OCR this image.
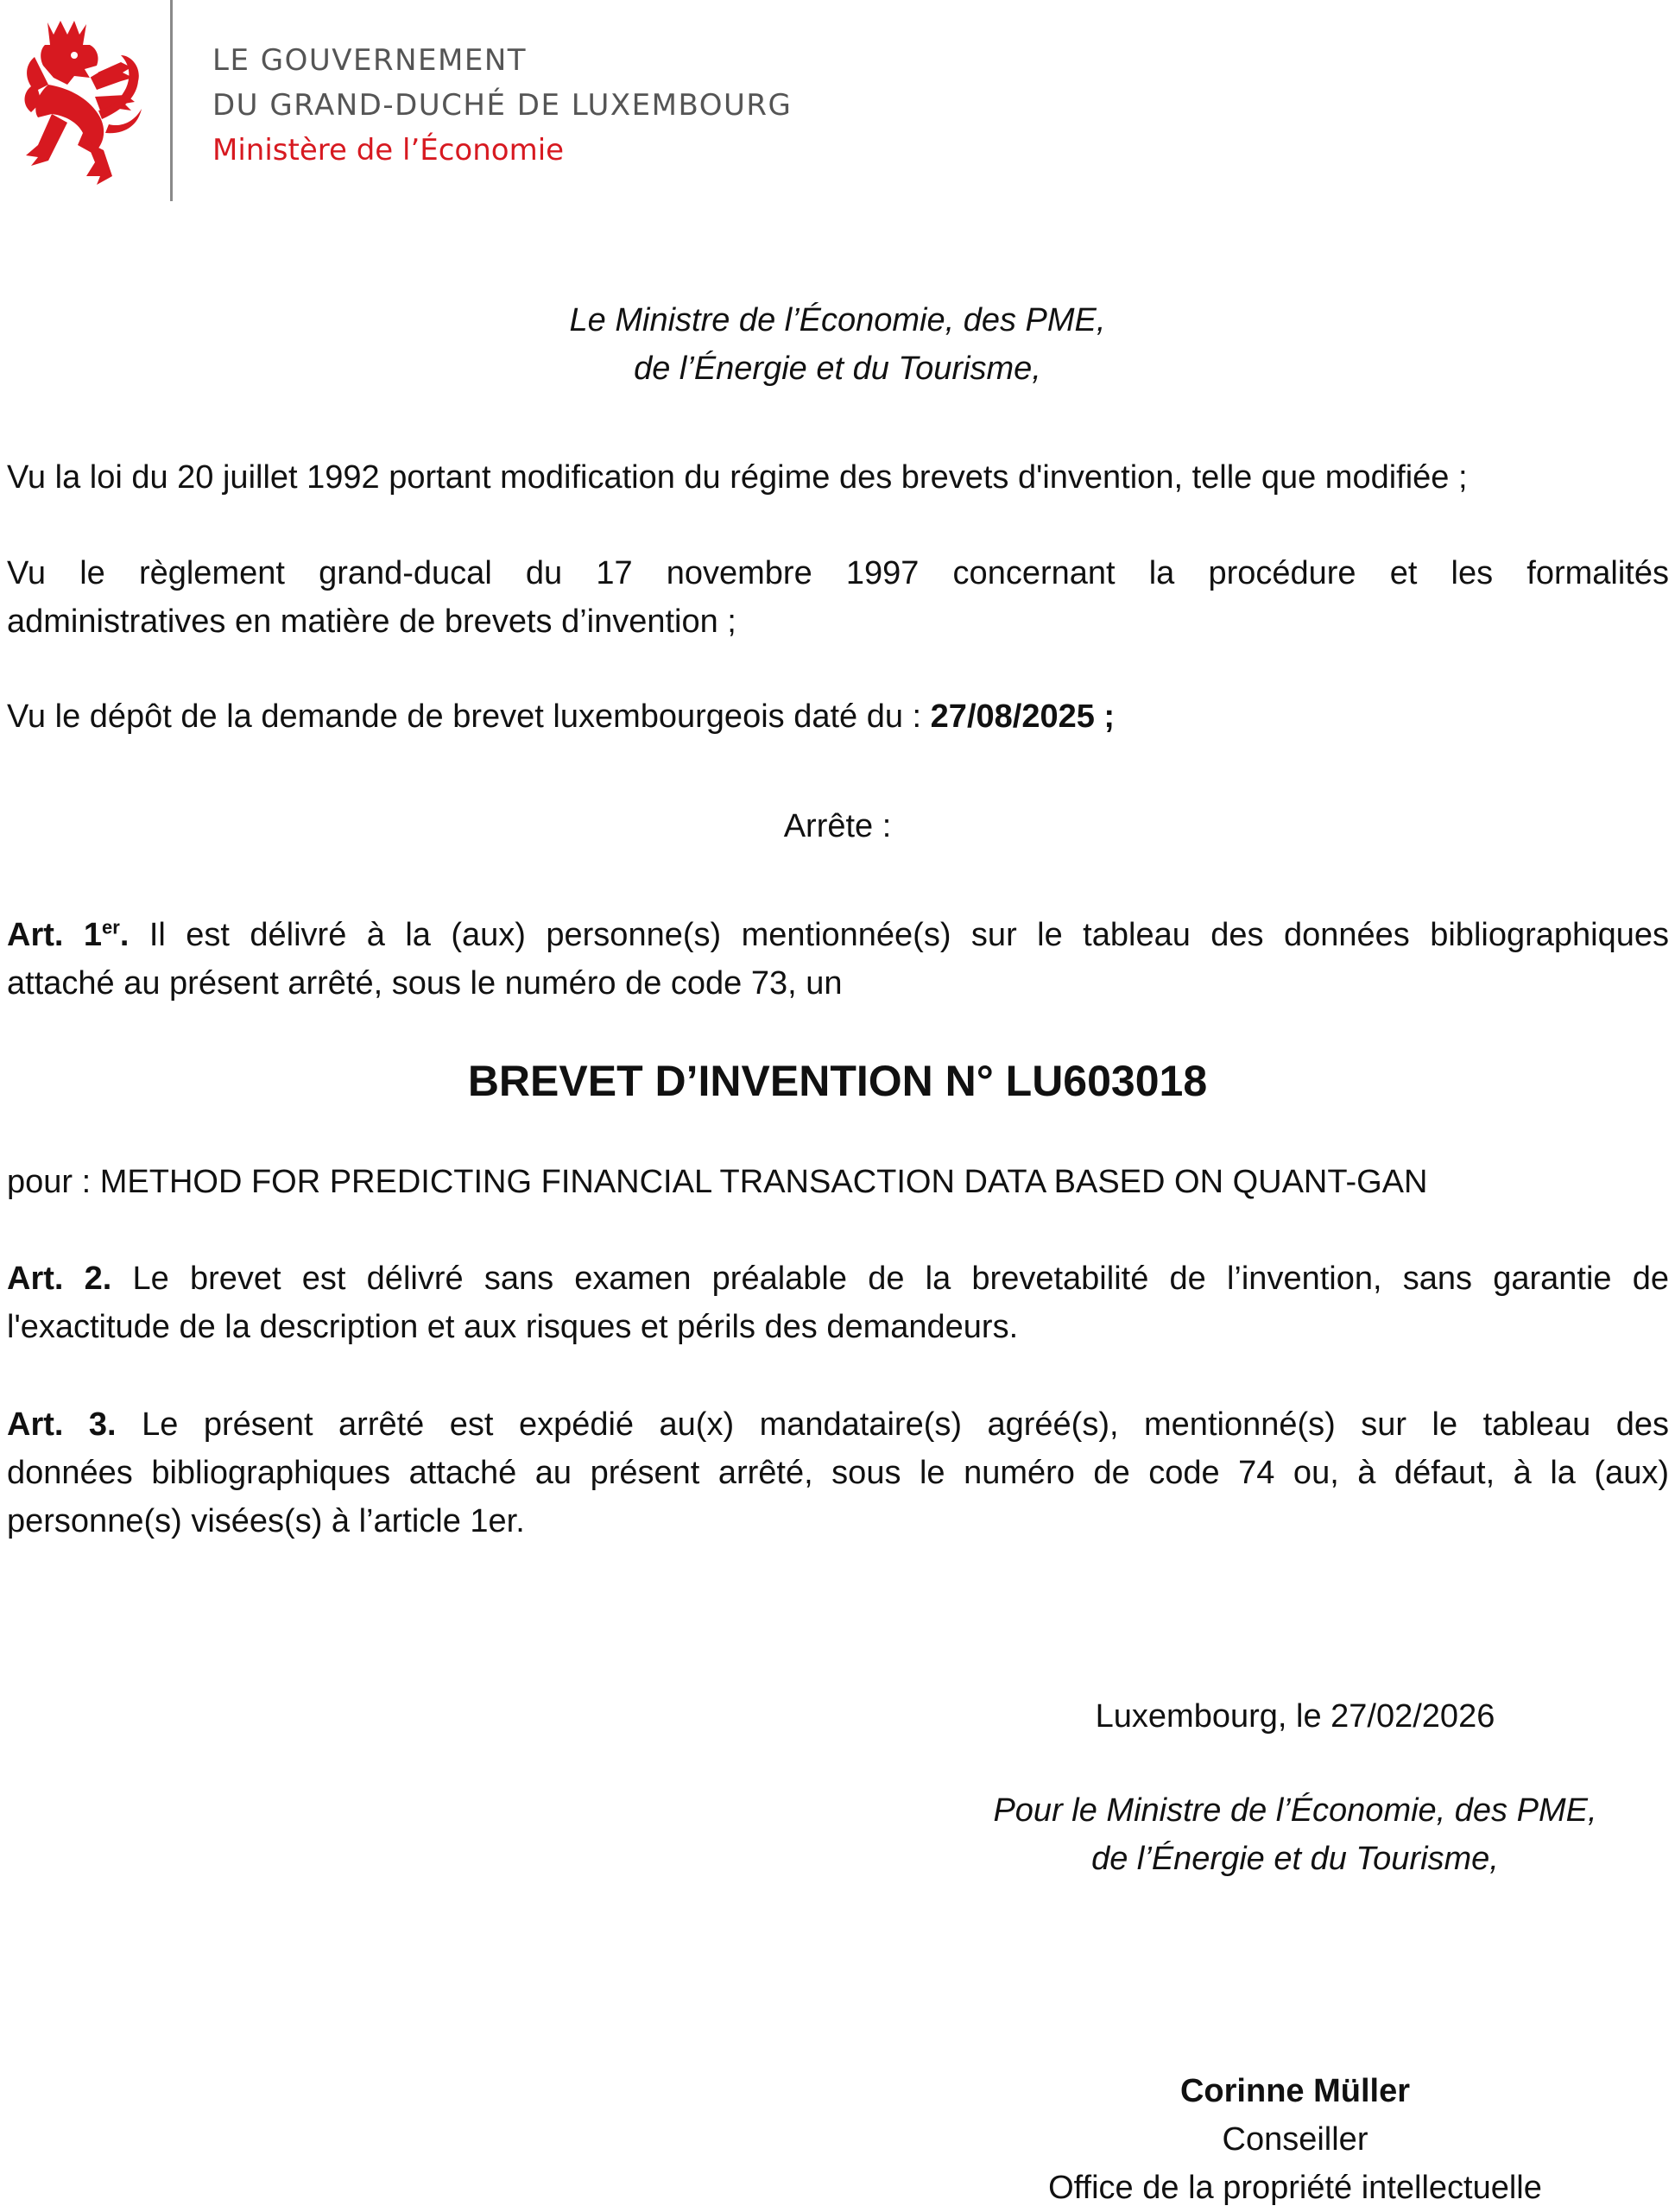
LE GOUVERNEMENT
DU GRAND-DUCHÉ DE LUXEMBOURG
Ministère de l’Économie
Le Ministre de l’Économie, des PME,
de l’Énergie et du Tourisme,
Vu la loi du 20 juillet 1992 portant modification du régime des brevets d'invention, telle que modifiée ;
Vu le règlement grand-ducal du 17 novembre 1997 concernant la procédure et les formalités
administratives en matière de brevets d’invention ;
Vu le dépôt de la demande de brevet luxembourgeois daté du : 27/08/2025 ;
Arrête :
Art. 1er. Il est délivré à la (aux) personne(s) mentionnée(s) sur le tableau des données bibliographiques
attaché au présent arrêté, sous le numéro de code 73, un
BREVET D’INVENTION N° LU603018
pour : METHOD FOR PREDICTING FINANCIAL TRANSACTION DATA BASED ON QUANT-GAN
Art. 2. Le brevet est délivré sans examen préalable de la brevetabilité de l’invention, sans garantie de
l'exactitude de la description et aux risques et périls des demandeurs.
Art. 3. Le présent arrêté est expédié au(x) mandataire(s) agréé(s), mentionné(s) sur le tableau des
données bibliographiques attaché au présent arrêté, sous le numéro de code 74 ou, à défaut, à la (aux)
personne(s) visées(s) à l’article 1er.
Luxembourg, le 27/02/2026
Pour le Ministre de l’Économie, des PME,
de l’Énergie et du Tourisme,
Corinne Müller
Conseiller
Office de la propriété intellectuelle
